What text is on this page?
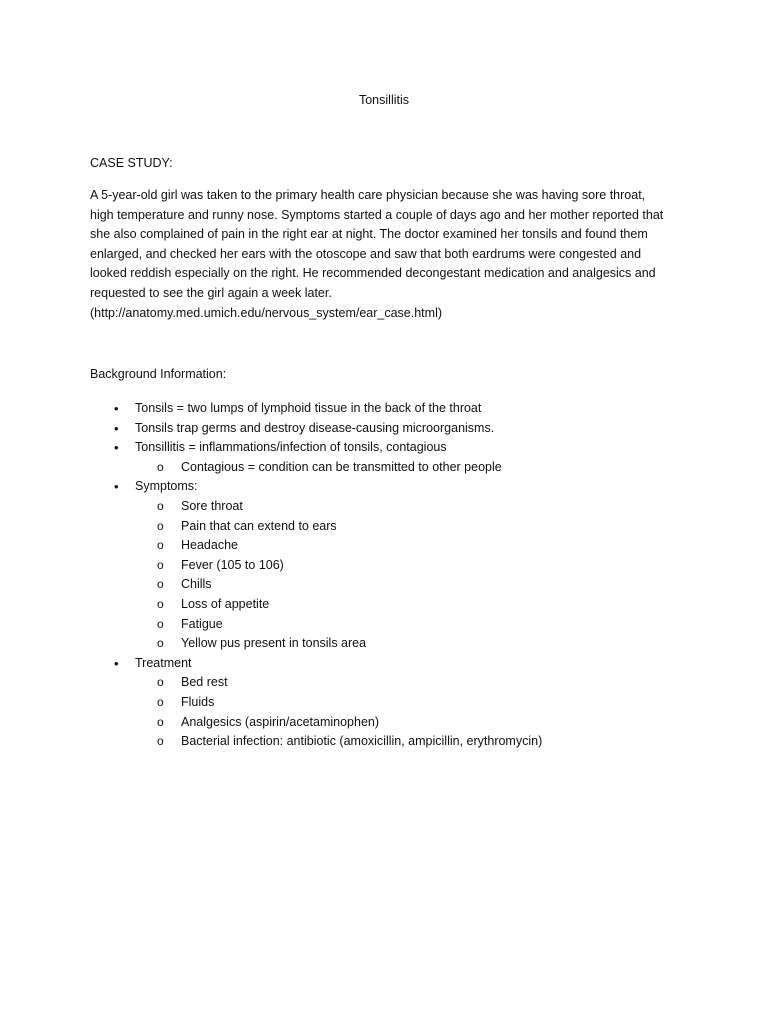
Tonsillitis
CASE STUDY:

A 5-year-old girl was taken to the primary health care physician because she was having sore throat,
high temperature and runny nose. Symptoms started a couple of days ago and her mother reported that
she also complained of pain in the right ear at night. The doctor examined her tonsils and found them
enlarged, and checked her ears with the otoscope and saw that both eardrums were congested and
looked reddish especially on the right. He recommended decongestant medication and analgesics and
requested to see the girl again a week later.
(http://anatomy.med.umich.edu/nervous_system/ear_case.html)

Background Information:
•	Tonsils = two lumps of lymphoid tissue in the back of the throat
•	Tonsils trap germs and destroy disease-causing microorganisms.
•	Tonsillitis = inflammations/infection of tonsils, contagious
o	Contagious = condition can be transmitted to other people
•	Symptoms:
o	Sore throat
o	Pain that can extend to ears
o	Headache
o	Fever (105 to 106)
o	Chills
o	Loss of appetite
o	Fatigue
o	Yellow pus present in tonsils area
•	Treatment
o	Bed rest
o	Fluids
o	Analgesics (aspirin/acetaminophen)
o	Bacterial infection: antibiotic (amoxicillin, ampicillin, erythromycin)
